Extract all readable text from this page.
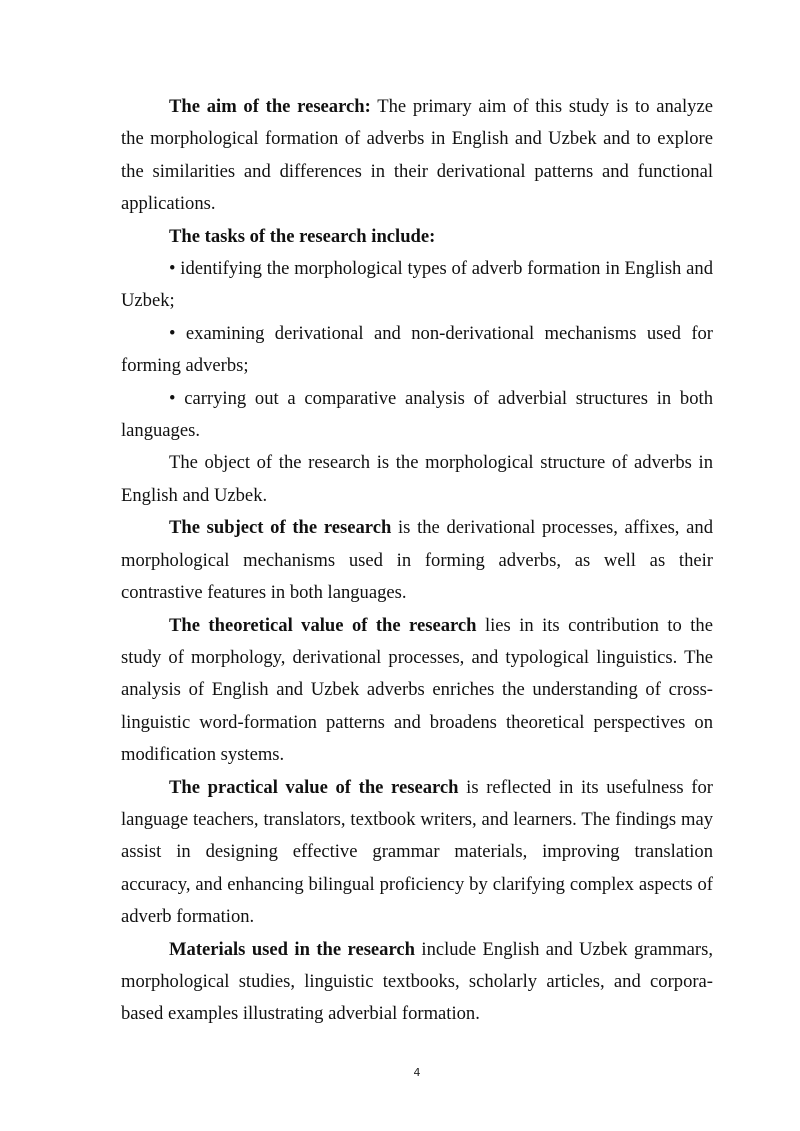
The aim of the research: The primary aim of this study is to analyze the morphological formation of adverbs in English and Uzbek and to explore the similarities and differences in their derivational patterns and functional applications.

The tasks of the research include:

• identifying the morphological types of adverb formation in English and Uzbek;

• examining derivational and non-derivational mechanisms used for forming adverbs;

• carrying out a comparative analysis of adverbial structures in both languages.

The object of the research is the morphological structure of adverbs in English and Uzbek.

The subject of the research is the derivational processes, affixes, and morphological mechanisms used in forming adverbs, as well as their contrastive features in both languages.

The theoretical value of the research lies in its contribution to the study of morphology, derivational processes, and typological linguistics. The analysis of English and Uzbek adverbs enriches the understanding of cross-linguistic word-formation patterns and broadens theoretical perspectives on modification systems.

The practical value of the research is reflected in its usefulness for language teachers, translators, textbook writers, and learners. The findings may assist in designing effective grammar materials, improving translation accuracy, and enhancing bilingual proficiency by clarifying complex aspects of adverb formation.

Materials used in the research include English and Uzbek grammars, morphological studies, linguistic textbooks, scholarly articles, and corpora-based examples illustrating adverbial formation.

4
